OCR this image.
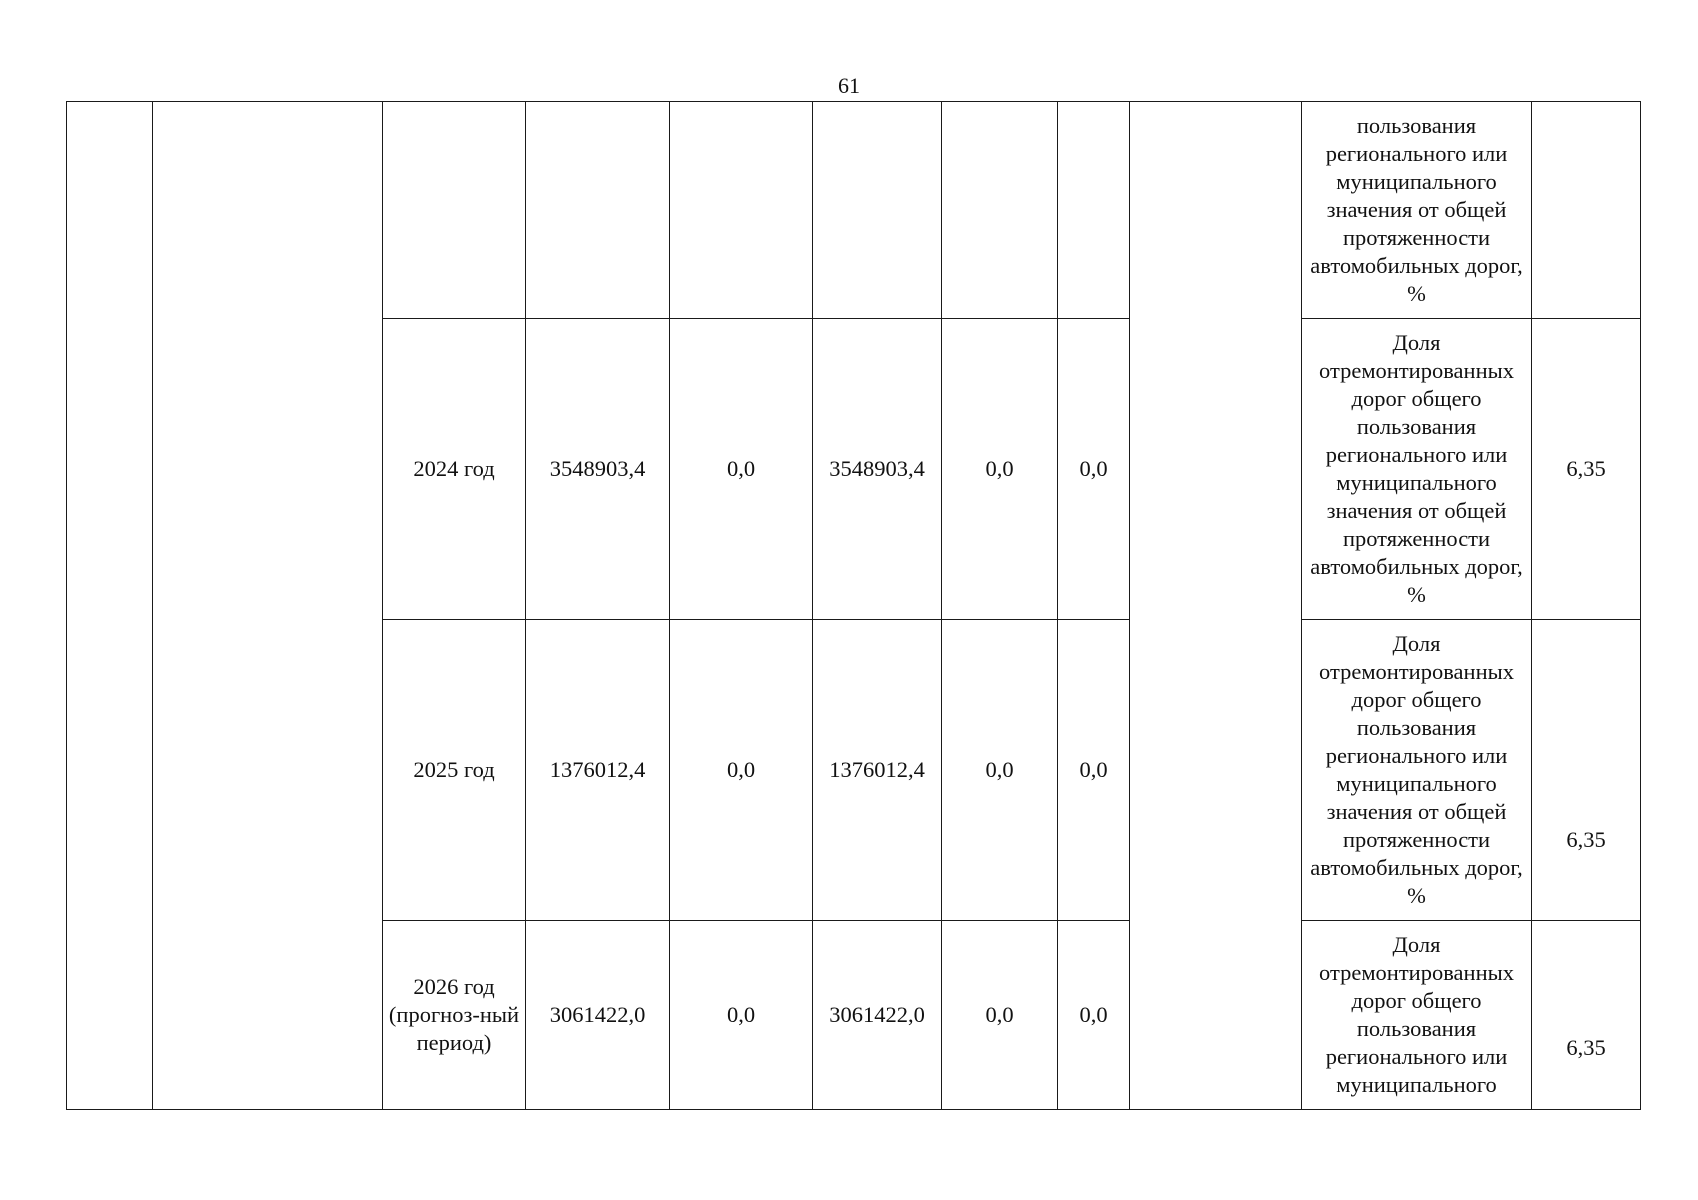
61

									пользования регионального или муниципального значения от общей протяженности автомобильных дорог, %	

		2024 год	3548903,4	0,0	3548903,4	0,0	0,0		Доля отремонтированных дорог общего пользования регионального или муниципального значения от общей протяженности автомобильных дорог, %	6,35
		2025 год	1376012,4	0,0	1376012,4	0,0	0,0		Доля отремонтированных дорог общего пользования регионального или муниципального значения от общей протяженности автомобильных дорог, %	6,35
		2026 год (прогноз-ный период)	3061422,0	0,0	3061422,0	0,0	0,0		Доля отремонтированных дорог общего пользования регионального или муниципального	6,35
